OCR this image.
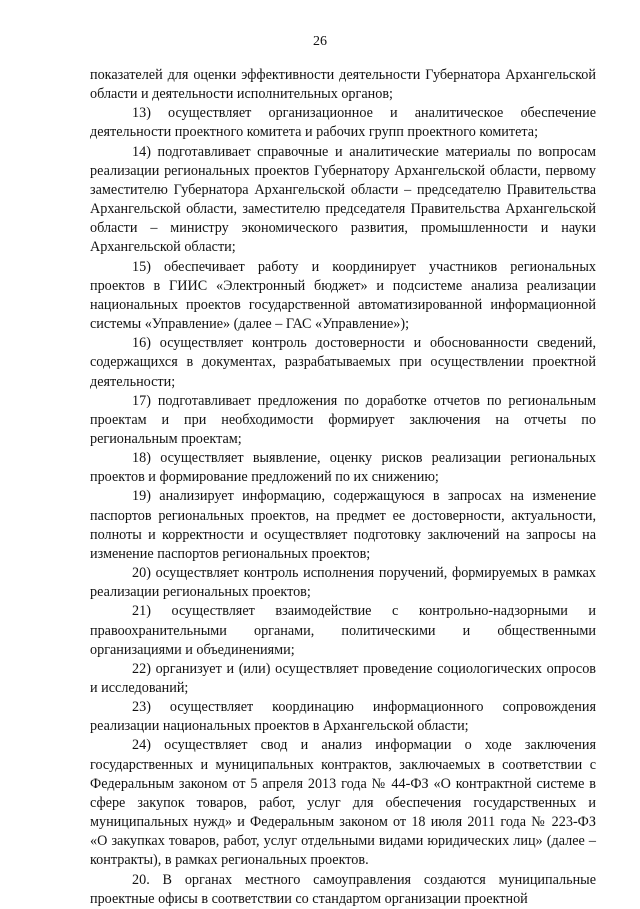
26

показателей для оценки эффективности деятельности Губернатора Архангельской области и деятельности исполнительных органов;

13) осуществляет организационное и аналитическое обеспечение деятельности проектного комитета и рабочих групп проектного комитета;

14) подготавливает справочные и аналитические материалы по вопросам реализации региональных проектов Губернатору Архангельской области, первому заместителю Губернатора Архангельской области – председателю Правительства Архангельской области, заместителю председателя Правительства Архангельской области – министру экономического развития, промышленности и науки Архангельской области;

15) обеспечивает работу и координирует участников региональных проектов в ГИИС «Электронный бюджет» и подсистеме анализа реализации национальных проектов государственной автоматизированной информационной системы «Управление» (далее – ГАС «Управление»);

16) осуществляет контроль достоверности и обоснованности сведений, содержащихся в документах, разрабатываемых при осуществлении проектной деятельности;

17) подготавливает предложения по доработке отчетов по региональным проектам и при необходимости формирует заключения на отчеты по региональным проектам;

18) осуществляет выявление, оценку рисков реализации региональных проектов и формирование предложений по их снижению;

19) анализирует информацию, содержащуюся в запросах на изменение паспортов региональных проектов, на предмет ее достоверности, актуальности, полноты и корректности и осуществляет подготовку заключений на запросы на изменение паспортов региональных проектов;

20) осуществляет контроль исполнения поручений, формируемых в рамках реализации региональных проектов;

21) осуществляет взаимодействие с контрольно-надзорными и правоохранительными органами, политическими и общественными организациями и объединениями;

22) организует и (или) осуществляет проведение социологических опросов и исследований;

23) осуществляет координацию информационного сопровождения реализации национальных проектов в Архангельской области;

24) осуществляет свод и анализ информации о ходе заключения государственных и муниципальных контрактов, заключаемых в соответствии с Федеральным законом от 5 апреля 2013 года № 44-ФЗ «О контрактной системе в сфере закупок товаров, работ, услуг для обеспечения государственных и муниципальных нужд» и Федеральным законом от 18 июля 2011 года № 223-ФЗ «О закупках товаров, работ, услуг отдельными видами юридических лиц» (далее – контракты), в рамках региональных проектов.

20. В органах местного самоуправления создаются муниципальные проектные офисы в соответствии со стандартом организации проектной
